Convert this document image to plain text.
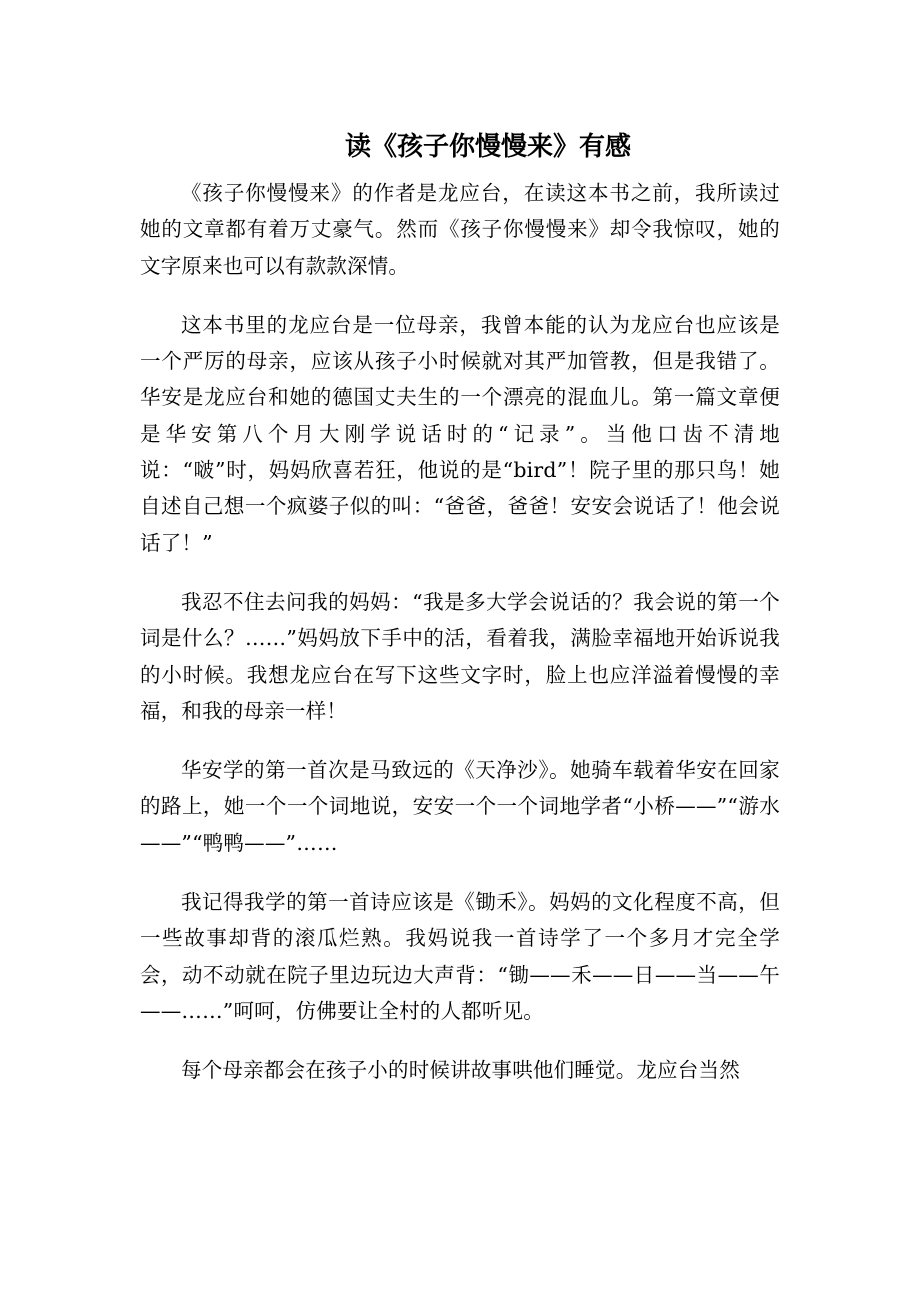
读《孩子你慢慢来》有感

《孩子你慢慢来》的作者是龙应台，在读这本书之前，我所读过她的文章都有着万丈豪气。然而《孩子你慢慢来》却令我惊叹，她的文字原来也可以有款款深情。

这本书里的龙应台是一位母亲，我曾本能的认为龙应台也应该是一个严厉的母亲，应该从孩子小时候就对其严加管教，但是我错了。华安是龙应台和她的德国丈夫生的一个漂亮的混血儿。第一篇文章便是华安第八个月大刚学说话时的“记录”。当他口齿不清地说：“啵”时，妈妈欣喜若狂，他说的是“bird”！院子里的那只鸟！她自述自己想一个疯婆子似的叫：“爸爸，爸爸！安安会说话了！他会说话了！”

我忍不住去问我的妈妈：“我是多大学会说话的？我会说的第一个词是什么？……”妈妈放下手中的活，看着我，满脸幸福地开始诉说我的小时候。我想龙应台在写下这些文字时，脸上也应洋溢着慢慢的幸福，和我的母亲一样！

华安学的第一首次是马致远的《天净沙》。她骑车载着华安在回家的路上，她一个一个词地说，安安一个一个词地学者“小桥——”“游水——”“鸭鸭——”……

我记得我学的第一首诗应该是《锄禾》。妈妈的文化程度不高，但一些故事却背的滚瓜烂熟。我妈说我一首诗学了一个多月才完全学会，动不动就在院子里边玩边大声背：“锄——禾——日——当——午——……”呵呵，仿佛要让全村的人都听见。

每个母亲都会在孩子小的时候讲故事哄他们睡觉。龙应台当然
